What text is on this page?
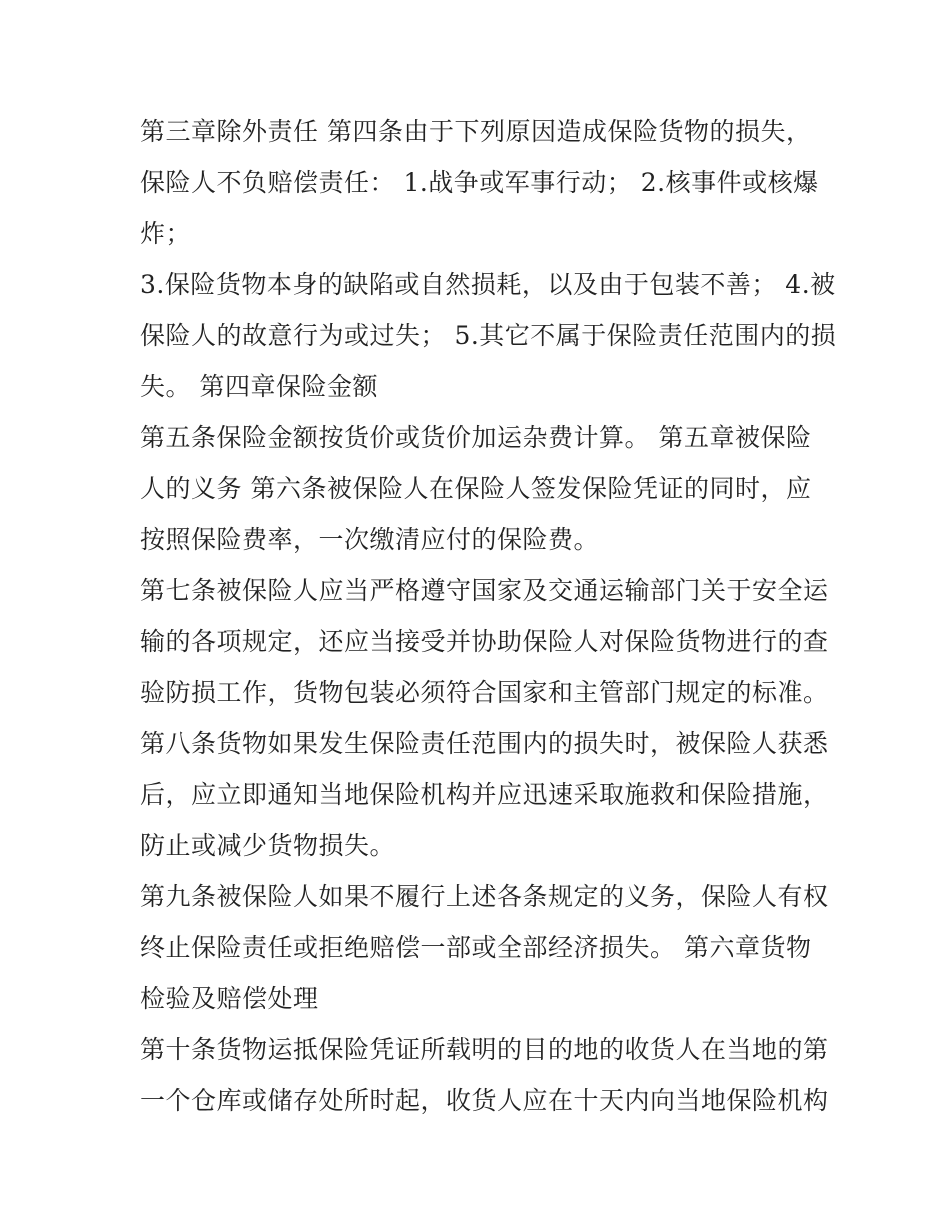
第三章除外责任 第四条由于下列原因造成保险货物的损失，
保险人不负赔偿责任： 1.战争或军事行动； 2.核事件或核爆
炸；
3.保险货物本身的缺陷或自然损耗，以及由于包装不善； 4.被
保险人的故意行为或过失； 5.其它不属于保险责任范围内的损
失。 第四章保险金额
第五条保险金额按货价或货价加运杂费计算。 第五章被保险
人的义务 第六条被保险人在保险人签发保险凭证的同时，应
按照保险费率，一次缴清应付的保险费。
第七条被保险人应当严格遵守国家及交通运输部门关于安全运
输的各项规定，还应当接受并协助保险人对保险货物进行的查
验防损工作，货物包装必须符合国家和主管部门规定的标准。
第八条货物如果发生保险责任范围内的损失时，被保险人获悉
后，应立即通知当地保险机构并应迅速采取施救和保险措施，
防止或减少货物损失。
第九条被保险人如果不履行上述各条规定的义务，保险人有权
终止保险责任或拒绝赔偿一部或全部经济损失。 第六章货物
检验及赔偿处理
第十条货物运抵保险凭证所载明的目的地的收货人在当地的第
一个仓库或储存处所时起，收货人应在十天内向当地保险机构
